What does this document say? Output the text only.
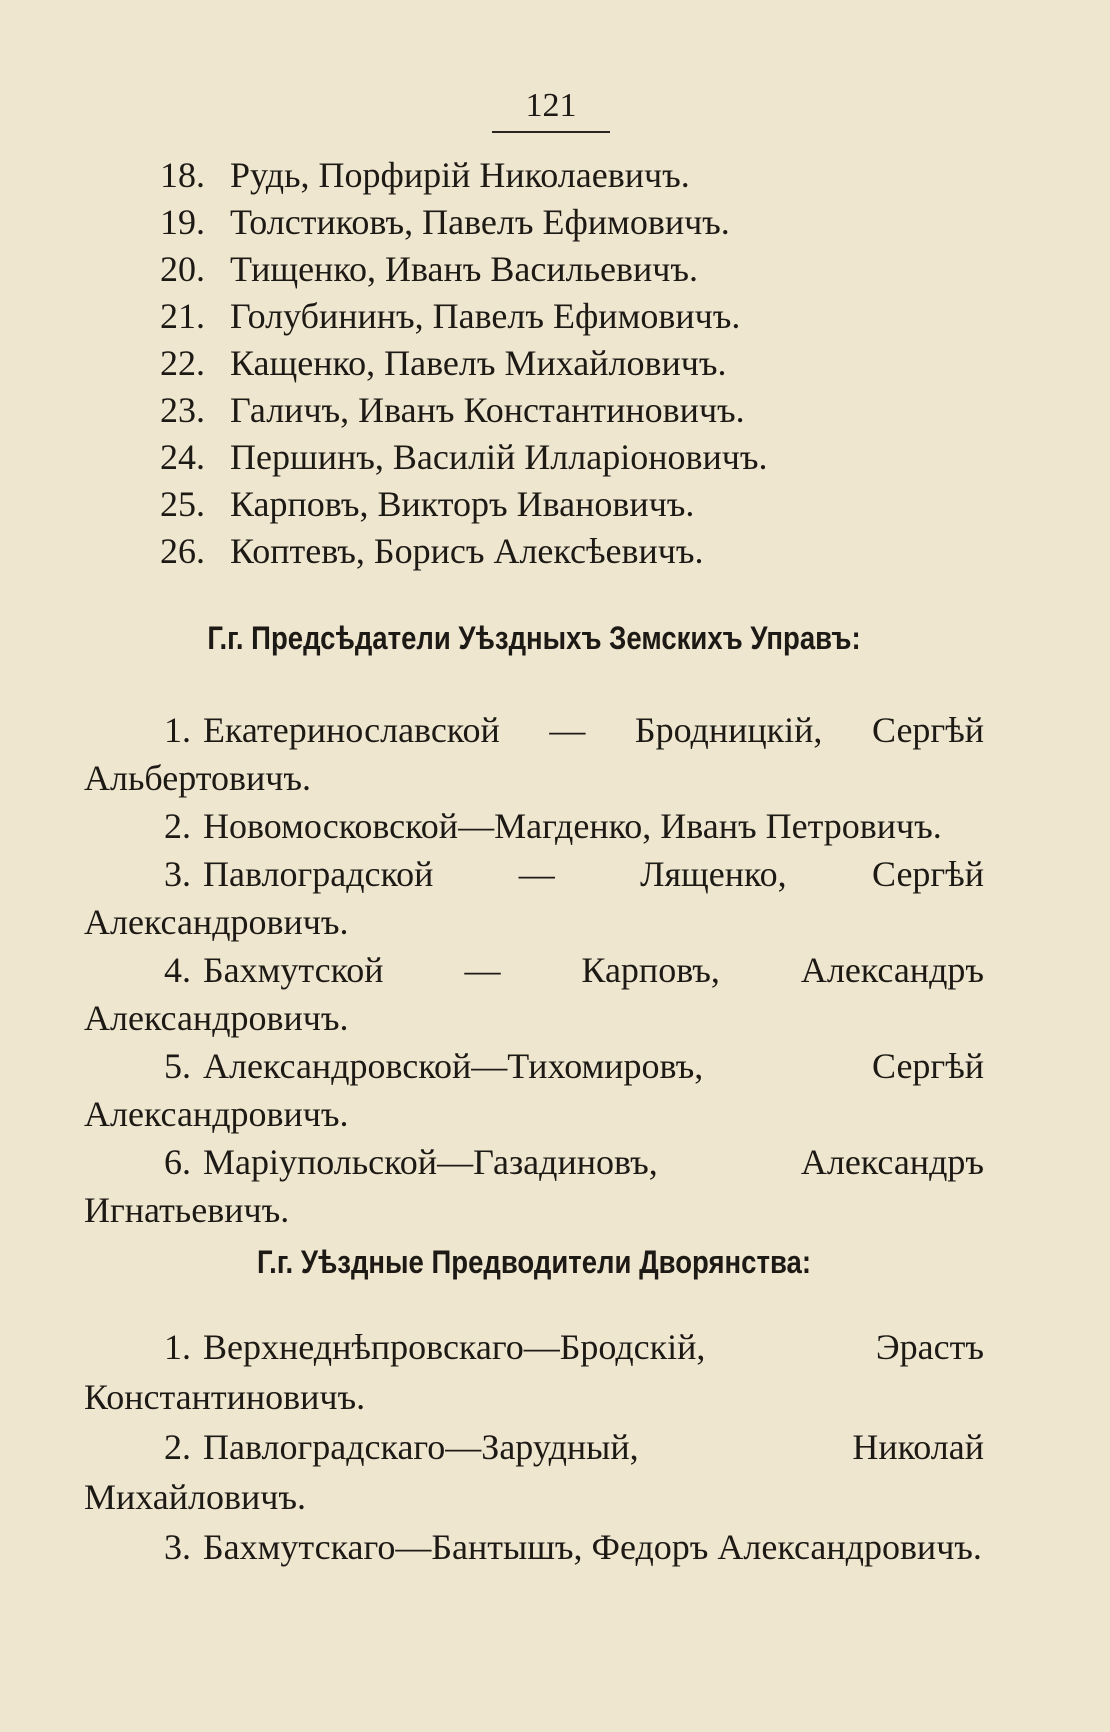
121
18. Рудь, Порфирій Николаевичъ.
19. Толстиковъ, Павелъ Ефимовичъ.
20. Тищенко, Иванъ Васильевичъ.
21. Голубининъ, Павелъ Ефимовичъ.
22. Кащенко, Павелъ Михайловичъ.
23. Галичъ, Иванъ Константиновичъ.
24. Першинъ, Василій Илларіоновичъ.
25. Карповъ, Викторъ Ивановичъ.
26. Коптевъ, Борисъ Алексѣевичъ.
Г.г. Предсѣдатели Уѣздныхъ Земскихъ Управъ:

1. Екатеринославской — Бродницкій, Сергѣй Альбертовичъ.

2. Новомосковской—Магденко, Иванъ Петровичъ.

3. Павлоградской — Лященко, Сергѣй Александровичъ.

4. Бахмутской — Карповъ, Александръ Александровичъ.

5. Александровской—Тихомировъ, Сергѣй Александровичъ.

6. Маріупольской—Газадиновъ, Александръ Игнатьевичъ.

Г.г. Уѣздные Предводители Дворянства:

1. Верхнеднѣпровскаго—Бродскій, Эрастъ Константиновичъ.

2. Павлоградскаго—Зарудный, Николай Михайловичъ.

3. Бахмутскаго—Бантышъ, Федоръ Александровичъ.
